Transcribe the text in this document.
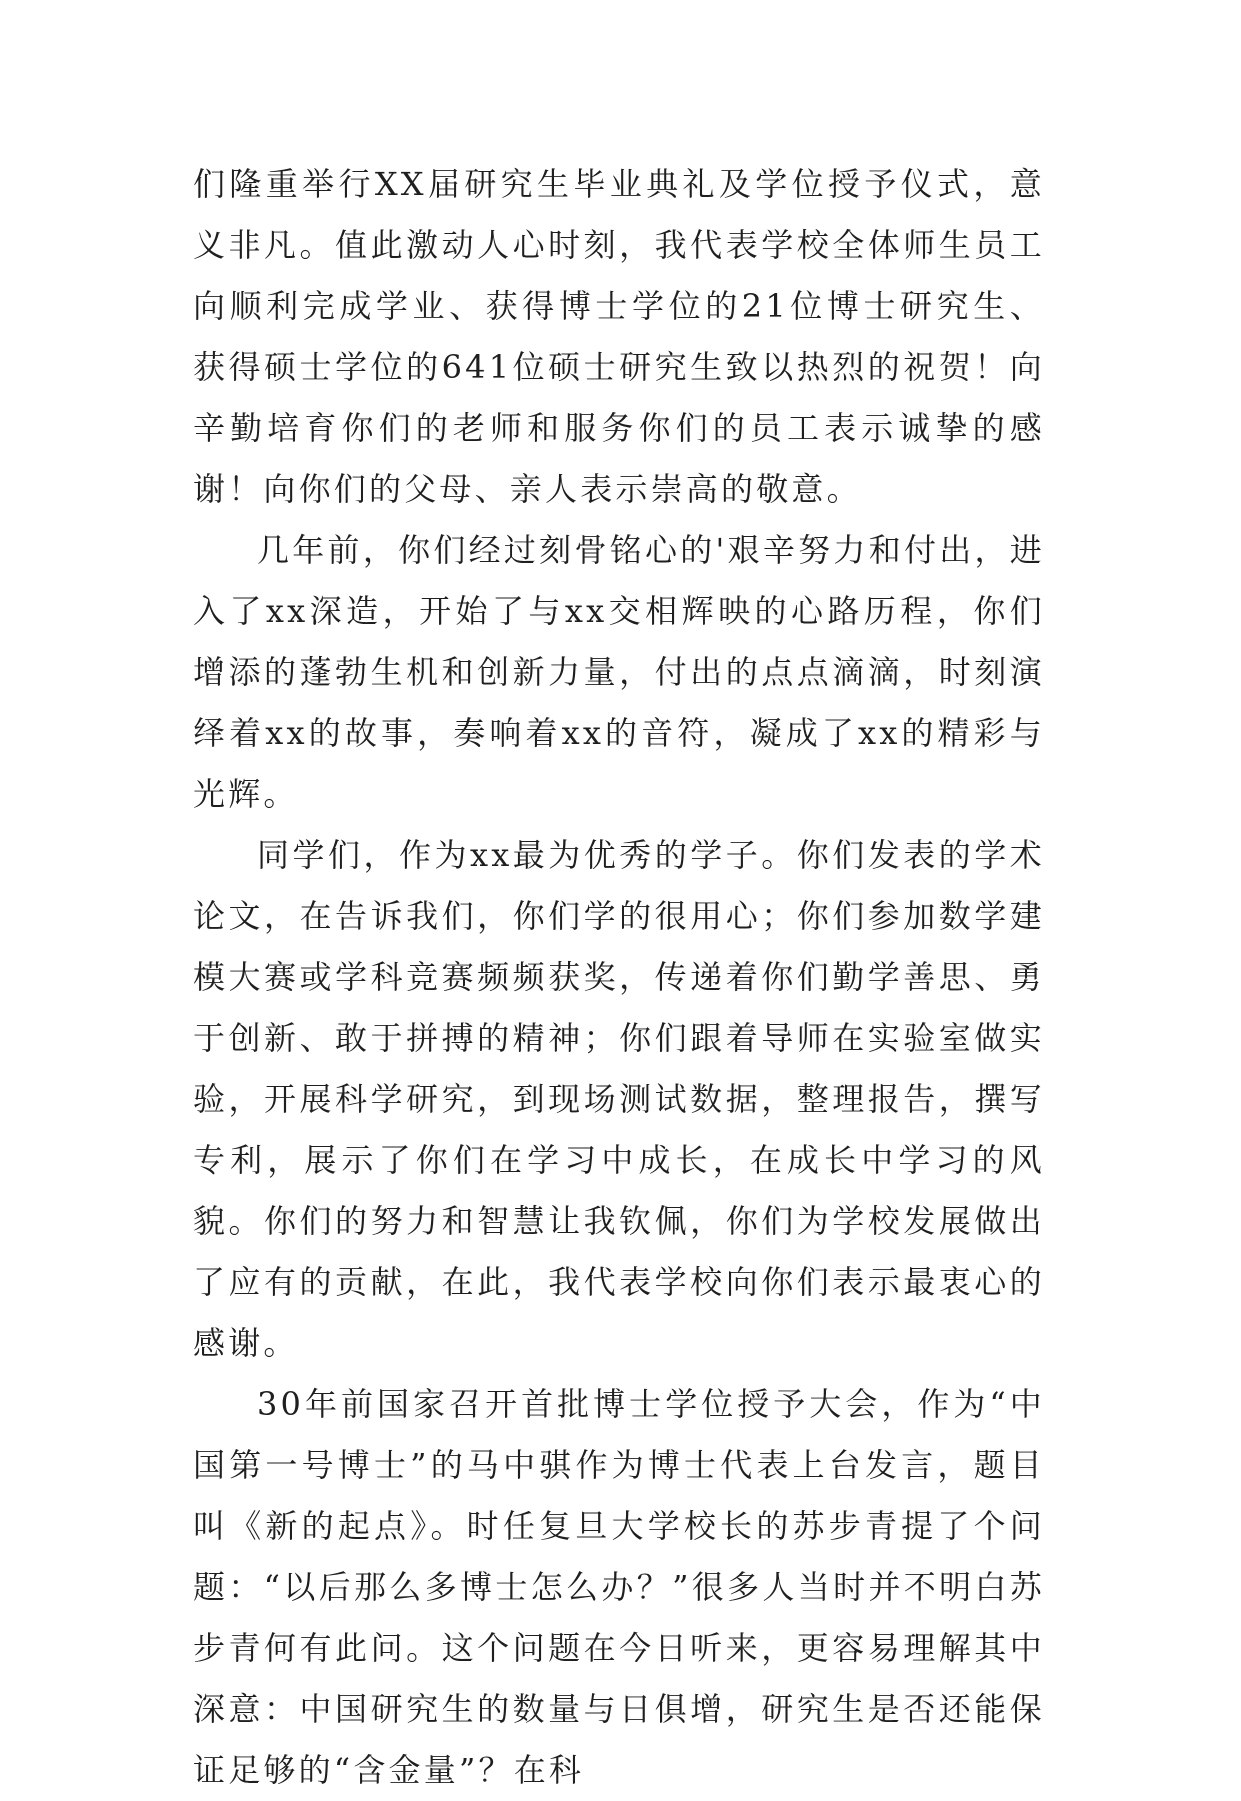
们隆重举行XX届研究生毕业典礼及学位授予仪式，意义非凡。值此激动人心时刻，我代表学校全体师生员工向顺利完成学业、获得博士学位的21位博士研究生、获得硕士学位的641位硕士研究生致以热烈的祝贺！向辛勤培育你们的老师和服务你们的员工表示诚挚的感谢！向你们的父母、亲人表示崇高的敬意。

几年前，你们经过刻骨铭心的'艰辛努力和付出，进入了xx深造，开始了与xx交相辉映的心路历程，你们增添的蓬勃生机和创新力量，付出的点点滴滴，时刻演绎着xx的故事，奏响着xx的音符，凝成了xx的精彩与光辉。

同学们，作为xx最为优秀的学子。你们发表的学术论文，在告诉我们，你们学的很用心；你们参加数学建模大赛或学科竞赛频频获奖，传递着你们勤学善思、勇于创新、敢于拼搏的精神；你们跟着导师在实验室做实验，开展科学研究，到现场测试数据，整理报告，撰写专利，展示了你们在学习中成长，在成长中学习的风貌。你们的努力和智慧让我钦佩，你们为学校发展做出了应有的贡献，在此，我代表学校向你们表示最衷心的感谢。

30年前国家召开首批博士学位授予大会，作为“中国第一号博士”的马中骐作为博士代表上台发言，题目叫《新的起点》。时任复旦大学校长的苏步青提了个问题：“以后那么多博士怎么办？”很多人当时并不明白苏步青何有此问。这个问题在今日听来，更容易理解其中深意：中国研究生的数量与日俱增，研究生是否还能保证足够的“含金量”？在科
